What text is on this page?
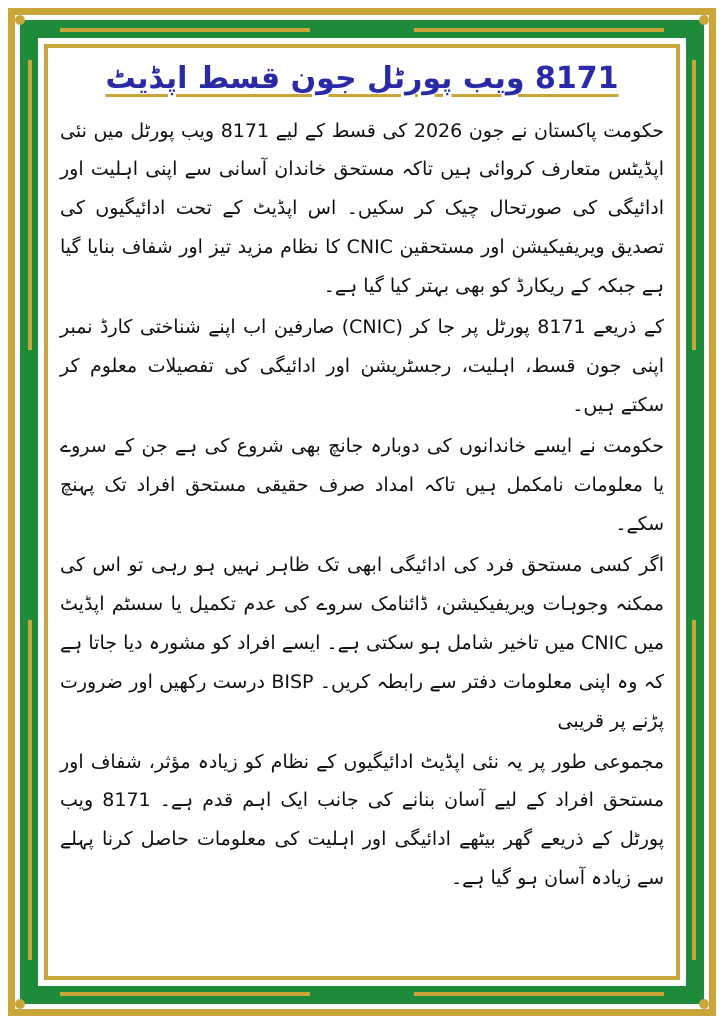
8171 ویب پورٹل جون قسط اپڈیٹ

حکومت پاکستان نے جون 2026 کی قسط کے لیے 8171 ویب پورٹل میں نئی اپڈیٹس متعارف کروائی ہیں تاکہ مستحق خاندان آسانی سے اپنی اہلیت اور ادائیگی کی صورتحال چیک کر سکیں۔ اس اپڈیٹ کے تحت ادائیگیوں کی تصدیق ویریفیکیشن اور مستحقین CNIC کا نظام مزید تیز اور شفاف بنایا گیا ہے جبکہ کے ریکارڈ کو بھی بہتر کیا گیا ہے۔

کے ذریعے 8171 پورٹل پر جا کر (CNIC) صارفین اب اپنے شناختی کارڈ نمبر اپنی جون قسط، اہلیت، رجسٹریشن اور ادائیگی کی تفصیلات معلوم کر سکتے ہیں۔

حکومت نے ایسے خاندانوں کی دوبارہ جانچ بھی شروع کی ہے جن کے سروے یا معلومات نامکمل ہیں تاکہ امداد صرف حقیقی مستحق افراد تک پہنچ سکے۔

اگر کسی مستحق فرد کی ادائیگی ابھی تک ظاہر نہیں ہو رہی تو اس کی ممکنہ وجوہات ویریفیکیشن، ڈائنامک سروے کی عدم تکمیل یا سسٹم اپڈیٹ میں CNIC میں تاخیر شامل ہو سکتی ہے۔ ایسے افراد کو مشورہ دیا جاتا ہے کہ وہ اپنی معلومات دفتر سے رابطہ کریں۔ BISP درست رکھیں اور ضرورت پڑنے پر قریبی

مجموعی طور پر یہ نئی اپڈیٹ ادائیگیوں کے نظام کو زیادہ مؤثر، شفاف اور مستحق افراد کے لیے آسان بنانے کی جانب ایک اہم قدم ہے۔ 8171 ویب پورٹل کے ذریعے گھر بیٹھے ادائیگی اور اہلیت کی معلومات حاصل کرنا پہلے سے زیادہ آسان ہو گیا ہے۔
